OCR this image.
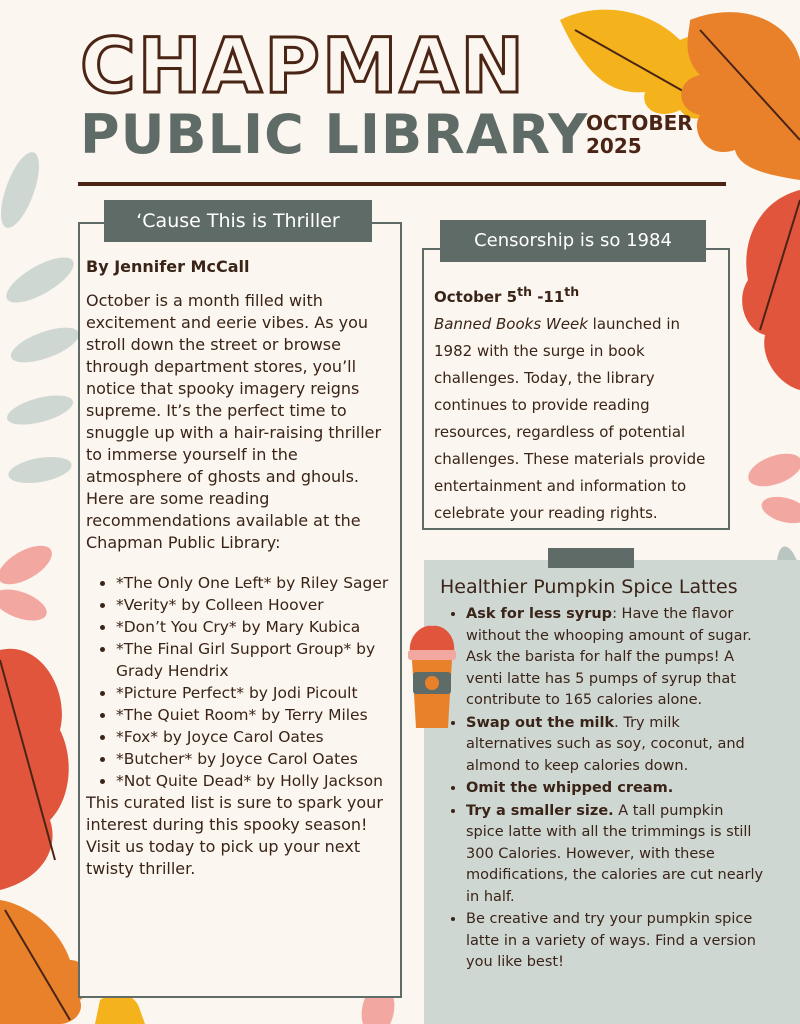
CHAPMAN
PUBLIC LIBRARY
OCTOBER
2025
‘Cause This is Thriller
By Jennifer McCall

October is a month filled with excitement and eerie vibes. As you stroll down the street or browse through department stores, you’ll notice that spooky imagery reigns supreme. It’s the perfect time to snuggle up with a hair-raising thriller to immerse yourself in the atmosphere of ghosts and ghouls. Here are some reading recommendations available at the Chapman Public Library:

• *The Only One Left* by Riley Sager
• *Verity* by Colleen Hoover
• *Don’t You Cry* by Mary Kubica
• *The Final Girl Support Group* by Grady Hendrix
• *Picture Perfect* by Jodi Picoult
• *The Quiet Room* by Terry Miles
• *Fox* by Joyce Carol Oates
• *Butcher* by Joyce Carol Oates
• *Not Quite Dead* by Holly Jackson

This curated list is sure to spark your interest during this spooky season! Visit us today to pick up your next twisty thriller.

Censorship is so 1984
October 5th -11th
Banned Books Week launched in 1982 with the surge in book challenges. Today, the library continues to provide reading resources, regardless of potential challenges. These materials provide entertainment and information to celebrate your reading rights.
Healthier Pumpkin Spice Lattes
• Ask for less syrup: Have the flavor without the whooping amount of sugar. Ask the barista for half the pumps! A venti latte has 5 pumps of syrup that contribute to 165 calories alone.
• Swap out the milk. Try milk alternatives such as soy, coconut, and almond to keep calories down.
• Omit the whipped cream.
• Try a smaller size. A tall pumpkin spice latte with all the trimmings is still 300 Calories. However, with these modifications, the calories are cut nearly in half.
• Be creative and try your pumpkin spice latte in a variety of ways. Find a version you like best!
